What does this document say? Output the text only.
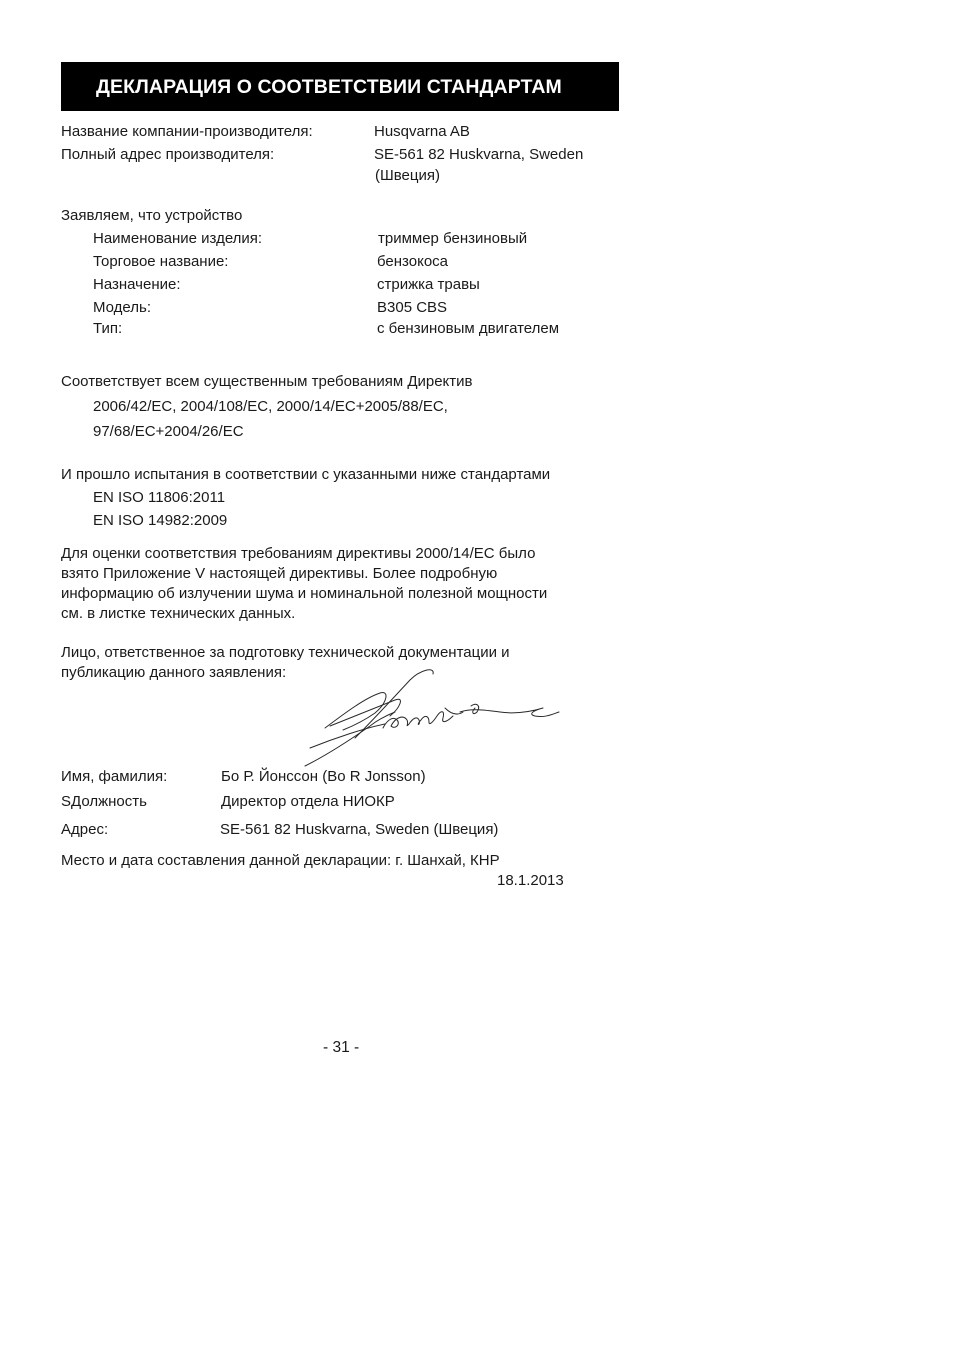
ДЕКЛАРАЦИЯ О СООТВЕТСТВИИ СТАНДАРТАМ
Название компании-производителя:	Husqvarna AB
Полный адрес производителя:	SE-561 82 Huskvarna, Sweden
(Швеция)
Заявляем, что устройство
Наименование изделия:	триммер бензиновый
Торговое название:	бензокоса
Назначение:	стрижка травы
Модель:	B305 CBS
Тип:	с бензиновым двигателем
Соответствует всем существенным требованиям Директив
2006/42/EC, 2004/108/EC, 2000/14/EC+2005/88/EC,
97/68/EC+2004/26/EC
И прошло испытания в соответствии с указанными ниже стандартами
EN ISO 11806:2011
EN ISO 14982:2009
Для оценки соответствия требованиям директивы 2000/14/EC было
взято Приложение V настоящей директивы. Более подробную
информацию об излучении шума и номинальной полезной мощности
см. в листке технических данных.
Лицо, ответственное за подготовку технической документации и
публикацию данного заявления:
Имя, фамилия:	Бо Р. Йонссон (Bo R Jonsson)
SДолжность	Директор отдела НИОКР
Адрес:	SE-561 82 Huskvarna, Sweden (Швеция)
Место и дата составления данной декларации: г. Шанхай, КНР
18.1.2013
- 31 -
